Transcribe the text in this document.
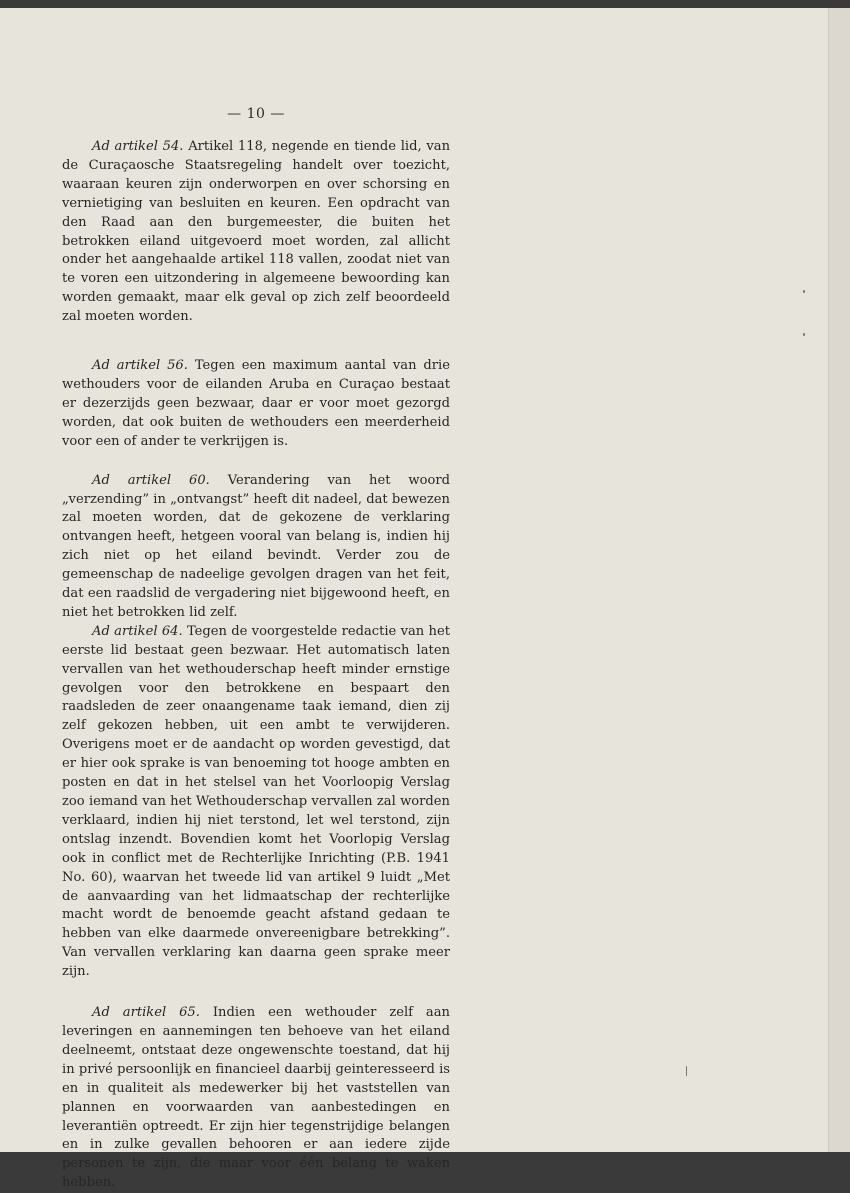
— 10 —

Ad artikel 54. Artikel 118, negende en tiende lid, van de Curaçaosche Staatsregeling handelt over toezicht, waaraan keuren zijn onderworpen en over schorsing en vernietiging van besluiten en keuren. Een opdracht van den Raad aan den burgemeester, die buiten het betrokken eiland uitgevoerd moet worden, zal allicht onder het aangehaalde artikel 118 vallen, zoodat niet van te voren een uitzondering in algemeene bewoording kan worden gemaakt, maar elk geval op zich zelf beoordeeld zal moeten worden.

Ad artikel 56. Tegen een maximum aantal van drie wethouders voor de eilanden Aruba en Curaçao bestaat er dezerzijds geen bezwaar, daar er voor moet gezorgd worden, dat ook buiten de wethouders een meerderheid voor een of ander te verkrijgen is.

Ad artikel 60. Verandering van het woord „verzending” in „ontvangst” heeft dit nadeel, dat bewezen zal moeten worden, dat de gekozene de verklaring ontvangen heeft, hetgeen vooral van belang is, indien hij zich niet op het eiland bevindt. Verder zou de gemeenschap de nadeelige gevolgen dragen van het feit, dat een raadslid de vergadering niet bijgewoond heeft, en niet het betrokken lid zelf.

Ad artikel 64. Tegen de voorgestelde redactie van het eerste lid bestaat geen bezwaar. Het automatisch laten vervallen van het wethouderschap heeft minder ernstige gevolgen voor den betrokkene en bespaart den raadsleden de zeer onaangename taak iemand, dien zij zelf gekozen hebben, uit een ambt te verwijderen. Overigens moet er de aandacht op worden gevestigd, dat er hier ook sprake is van benoeming tot hooge ambten en posten en dat in het stelsel van het Voorloopig Verslag zoo iemand van het Wethouderschap vervallen zal worden verklaard, indien hij niet terstond, let wel terstond, zijn ontslag inzendt. Bovendien komt het Voorlopig Verslag ook in conflict met de Rechterlijke Inrichting (P.B. 1941 No. 60), waarvan het tweede lid van artikel 9 luidt „Met de aanvaarding van het lidmaatschap der rechterlijke macht wordt de benoemde geacht afstand gedaan te hebben van elke daarmede onvereenigbare betrekking”. Van vervallen verklaring kan daarna geen sprake meer zijn.

Ad artikel 65. Indien een wethouder zelf aan leveringen en aannemingen ten behoeve van het eiland deelneemt, ontstaat deze ongewenschte toestand, dat hij in privé persoonlijk en financieel daarbij geinteresseerd is en in qualiteit als medewerker bij het vaststellen van plannen en voorwaarden van aanbestedingen en leverantiën optreedt. Er zijn hier tegenstrijdige belangen en in zulke gevallen behooren er aan iedere zijde personen te zijn, die maar voor één belang te waken hebben.
